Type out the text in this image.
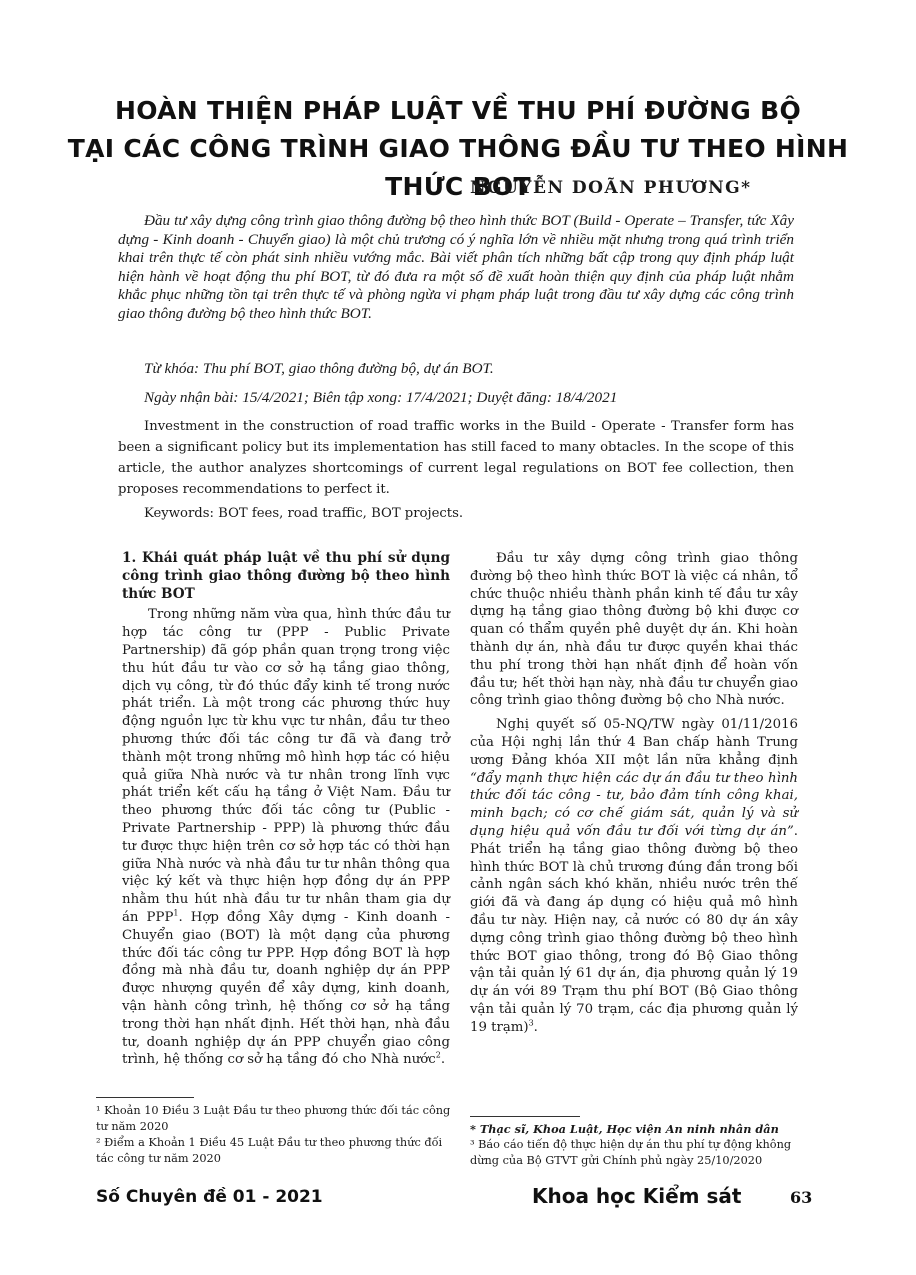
HOÀN THIỆN PHÁP LUẬT VỀ THU PHÍ ĐƯỜNG BỘ
TẠI CÁC CÔNG TRÌNH GIAO THÔNG ĐẦU TƯ THEO HÌNH THỨC BOT

NGUYỄN DOÃN PHƯƠNG*

Đầu tư xây dựng công trình giao thông đường bộ theo hình thức BOT (Build - Operate – Transfer, tức Xây dựng - Kinh doanh - Chuyển giao) là một chủ trương có ý nghĩa lớn về nhiều mặt nhưng trong quá trình triển khai trên thực tế còn phát sinh nhiều vướng mắc. Bài viết phân tích những bất cập trong quy định pháp luật hiện hành về hoạt động thu phí BOT, từ đó đưa ra một số đề xuất hoàn thiện quy định của pháp luật nhằm khắc phục những tồn tại trên thực tế và phòng ngừa vi phạm pháp luật trong đầu tư xây dựng các công trình giao thông đường bộ theo hình thức BOT.

Từ khóa: Thu phí BOT, giao thông đường bộ, dự án BOT.

Ngày nhận bài: 15/4/2021; Biên tập xong: 17/4/2021; Duyệt đăng: 18/4/2021

Investment in the construction of road traffic works in the Build - Operate - Transfer form has been a significant policy but its implementation has still faced to many obtacles. In the scope of this article, the author analyzes shortcomings of current legal regulations on BOT fee collection, then proposes recommendations to perfect it.

Keywords: BOT fees, road traffic, BOT projects.

1. Khái quát pháp luật về thu phí sử dụng công trình giao thông đường bộ theo hình thức BOT

Trong những năm vừa qua, hình thức đầu tư hợp tác công tư (PPP - Public Private Partnership) đã góp phần quan trọng trong việc thu hút đầu tư vào cơ sở hạ tầng giao thông, dịch vụ công, từ đó thúc đẩy kinh tế trong nước phát triển. Là một trong các phương thức huy động nguồn lực từ khu vực tư nhân, đầu tư theo phương thức đối tác công tư đã và đang trở thành một trong những mô hình hợp tác có hiệu quả giữa Nhà nước và tư nhân trong lĩnh vực phát triển kết cấu hạ tầng ở Việt Nam. Đầu tư theo phương thức đối tác công tư (Public - Private Partnership - PPP) là phương thức đầu tư được thực hiện trên cơ sở hợp tác có thời hạn giữa Nhà nước và nhà đầu tư tư nhân thông qua việc ký kết và thực hiện hợp đồng dự án PPP nhằm thu hút nhà đầu tư tư nhân tham gia dự án PPP$^1$. Hợp đồng Xây dựng - Kinh doanh - Chuyển giao (BOT) là một dạng của phương thức đối tác công tư PPP. Hợp đồng BOT là hợp đồng mà nhà đầu tư, doanh nghiệp dự án PPP được nhượng quyền để xây dựng, kinh doanh, vận hành công trình, hệ thống cơ sở hạ tầng trong thời hạn nhất định. Hết thời hạn, nhà đầu tư, doanh nghiệp dự án PPP chuyển giao công trình, hệ thống cơ sở hạ tầng đó cho Nhà nước$^2$.

Đầu tư xây dựng công trình giao thông đường bộ theo hình thức BOT là việc cá nhân, tổ chức thuộc nhiều thành phần kinh tế đầu tư xây dựng hạ tầng giao thông đường bộ khi được cơ quan có thẩm quyền phê duyệt dự án. Khi hoàn thành dự án, nhà đầu tư được quyền khai thác thu phí trong thời hạn nhất định để hoàn vốn đầu tư; hết thời hạn này, nhà đầu tư chuyển giao công trình giao thông đường bộ cho Nhà nước.

Nghị quyết số 05-NQ/TW ngày 01/11/2016 của Hội nghị lần thứ 4 Ban chấp hành Trung ương Đảng khóa XII một lần nữa khẳng định “đẩy mạnh thực hiện các dự án đầu tư theo hình thức đối tác công - tư, bảo đảm tính công khai, minh bạch; có cơ chế giám sát, quản lý và sử dụng hiệu quả vốn đầu tư đối với từng dự án”. Phát triển hạ tầng giao thông đường bộ theo hình thức BOT là chủ trương đúng đắn trong bối cảnh ngân sách khó khăn, nhiều nước trên thế giới đã và đang áp dụng có hiệu quả mô hình đầu tư này. Hiện nay, cả nước có 80 dự án xây dựng công trình giao thông đường bộ theo hình thức BOT giao thông, trong đó Bộ Giao thông vận tải quản lý 61 dự án, địa phương quản lý 19 dự án với 89 Trạm thu phí BOT (Bộ Giao thông vận tải quản lý 70 trạm, các địa phương quản lý 19 trạm)$^3$.

¹ Khoản 10 Điều 3 Luật Đầu tư theo phương thức đối tác công tư năm 2020

² Điểm a Khoản 1 Điều 45 Luật Đầu tư theo phương thức đối tác công tư năm 2020

* Thạc sĩ, Khoa Luật, Học viện An ninh nhân dân

³ Báo cáo tiến độ thực hiện dự án thu phí tự động không dừng của Bộ GTVT gửi Chính phủ ngày 25/10/2020

Số Chuyên đề 01 - 2021	Khoa học Kiểm sát	63
